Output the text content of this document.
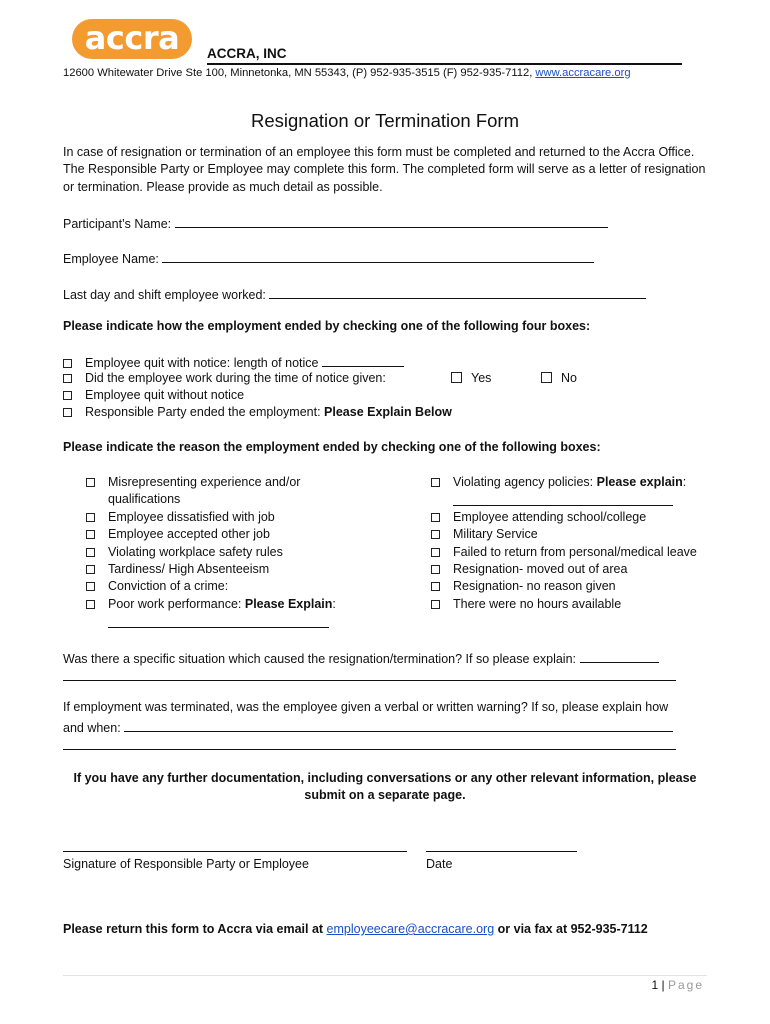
accra	ACCRA, INC
12600 Whitewater Drive Ste 100, Minnetonka, MN 55343, (P) 952-935-3515 (F) 952-935-7112, www.accracare.org
Resignation or Termination Form
In case of resignation or termination of an employee this form must be completed and returned to the Accra Office. The Responsible Party or Employee may complete this form. The completed form will serve as a letter of resignation or termination. Please provide as much detail as possible.
Participant’s Name:
Employee Name:
Last day and shift employee worked:
Please indicate how the employment ended by checking one of the following four boxes:
Employee quit with notice: length of notice
Did the employee work during the time of notice given:	Yes	No
Employee quit without notice
Responsible Party ended the employment: Please Explain Below
Please indicate the reason the employment ended by checking one of the following boxes:
Misrepresenting experience and/or
qualifications
Employee dissatisfied with job
Employee accepted other job
Violating workplace safety rules
Tardiness/ High Absenteeism
Conviction of a crime:
Poor work performance: Please Explain:
Violating agency policies: Please explain:
Employee attending school/college
Military Service
Failed to return from personal/medical leave
Resignation- moved out of area
Resignation- no reason given
There were no hours available
Was there a specific situation which caused the resignation/termination? If so please explain:
If employment was terminated, was the employee given a verbal or written warning? If so, please explain how
and when:
If you have any further documentation, including conversations or any other relevant information, please submit on a separate page.
Signature of Responsible Party or Employee	Date
Please return this form to Accra via email at employeecare@accracare.org or via fax at 952-935-7112
1 | Page
